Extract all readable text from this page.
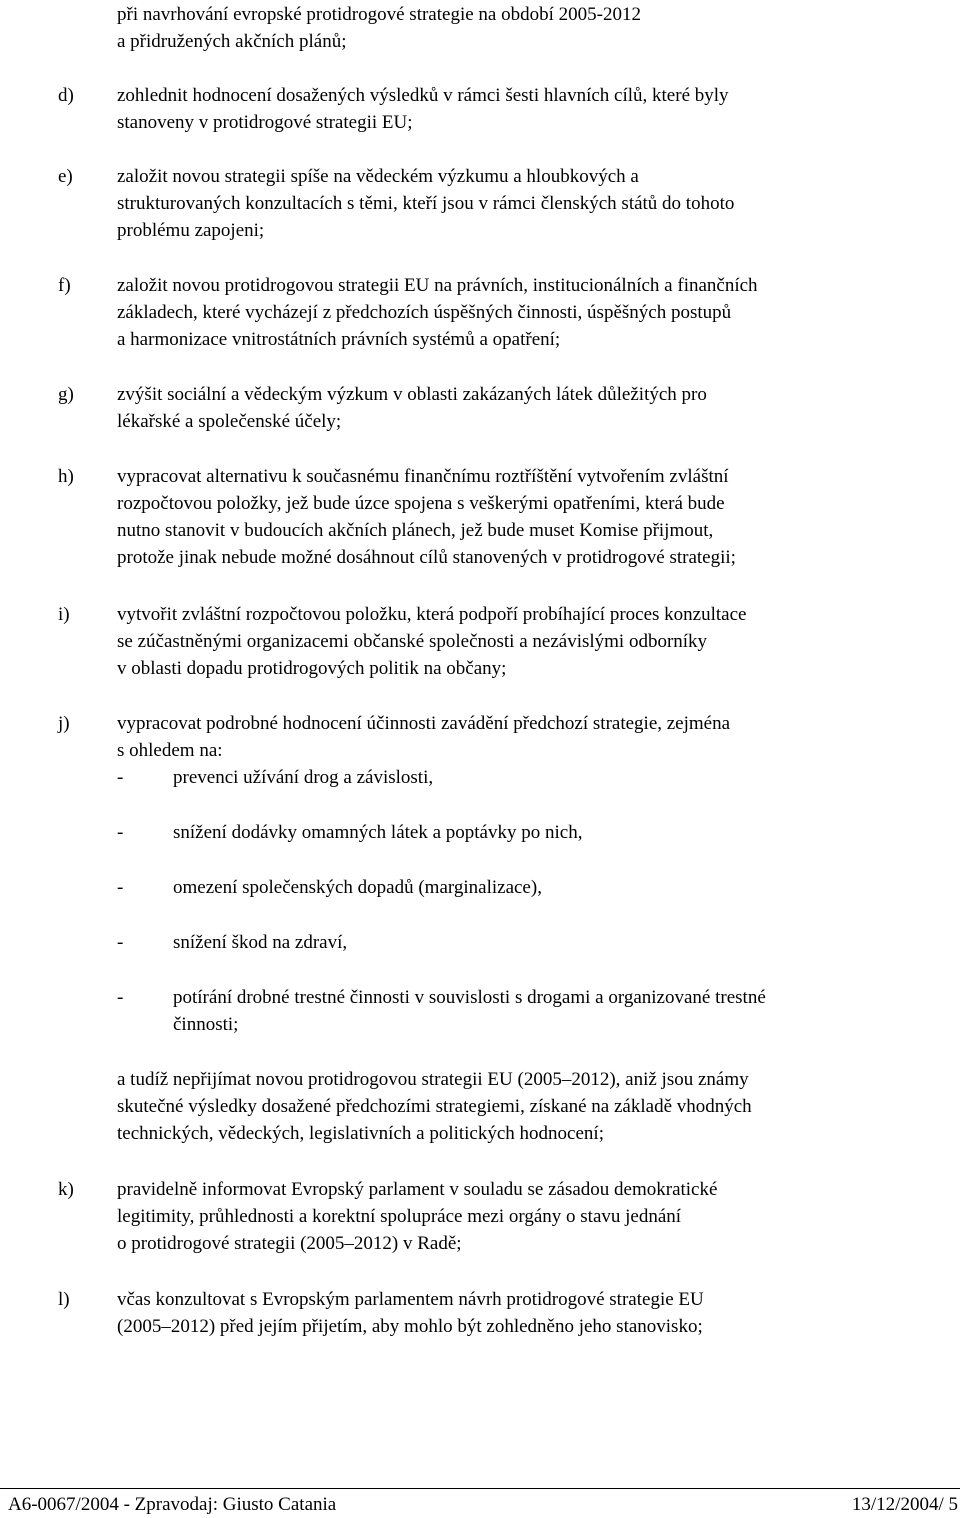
při navrhování evropské protidrogové strategie na období 2005-2012
a přidružených akčních plánů;
d) zohlednit hodnocení dosažených výsledků v rámci šesti hlavních cílů, které byly
stanoveny v protidrogové strategii EU;
e) založit novou strategii spíše na vědeckém výzkumu a hloubkových a
strukturovaných konzultacích s těmi, kteří jsou v rámci členských států do tohoto
problému zapojeni;
f) založit novou protidrogovou strategii EU na právních, institucionálních a finančních
základech, které vycházejí z předchozích úspěšných činnosti, úspěšných postupů
a harmonizace vnitrostátních právních systémů a opatření;
g) zvýšit sociální a vědeckým výzkum v oblasti zakázaných látek důležitých pro
lékařské a společenské účely;
h) vypracovat alternativu k současnému finančnímu roztříštění vytvořením zvláštní
rozpočtovou položky, jež bude úzce spojena s veškerými opatřeními, která bude
nutno stanovit v budoucích akčních plánech, jež bude muset Komise přijmout,
protože jinak nebude možné dosáhnout cílů stanovených v protidrogové strategii;
i) vytvořit zvláštní rozpočtovou položku, která podpoří probíhající proces konzultace
se zúčastněnými organizacemi občanské společnosti a nezávislými odborníky
v oblasti dopadu protidrogových politik na občany;
j) vypracovat podrobné hodnocení účinnosti zavádění předchozí strategie, zejména
s ohledem na:
-	prevenci užívání drog a závislosti,
-	snížení dodávky omamných látek a poptávky po nich,
-	omezení společenských dopadů (marginalizace),
-	snížení škod na zdraví,
-	potírání drobné trestné činnosti v souvislosti s drogami a organizované trestné
činnosti;
a tudíž nepřijímat novou protidrogovou strategii EU (2005–2012), aniž jsou známy
skutečné výsledky dosažené předchozími strategiemi, získané na základě vhodných
technických, vědeckých, legislativních a politických hodnocení;
k) pravidelně informovat Evropský parlament v souladu se zásadou demokratické
legitimity, průhlednosti a korektní spolupráce mezi orgány o stavu jednání
o protidrogové strategii (2005–2012) v Radě;
l) včas konzultovat s Evropským parlamentem návrh protidrogové strategie EU
(2005–2012) před jejím přijetím, aby mohlo být zohledněno jeho stanovisko;
A6-0067/2004 - Zpravodaj: Giusto Catania	13/12/2004/ 5
